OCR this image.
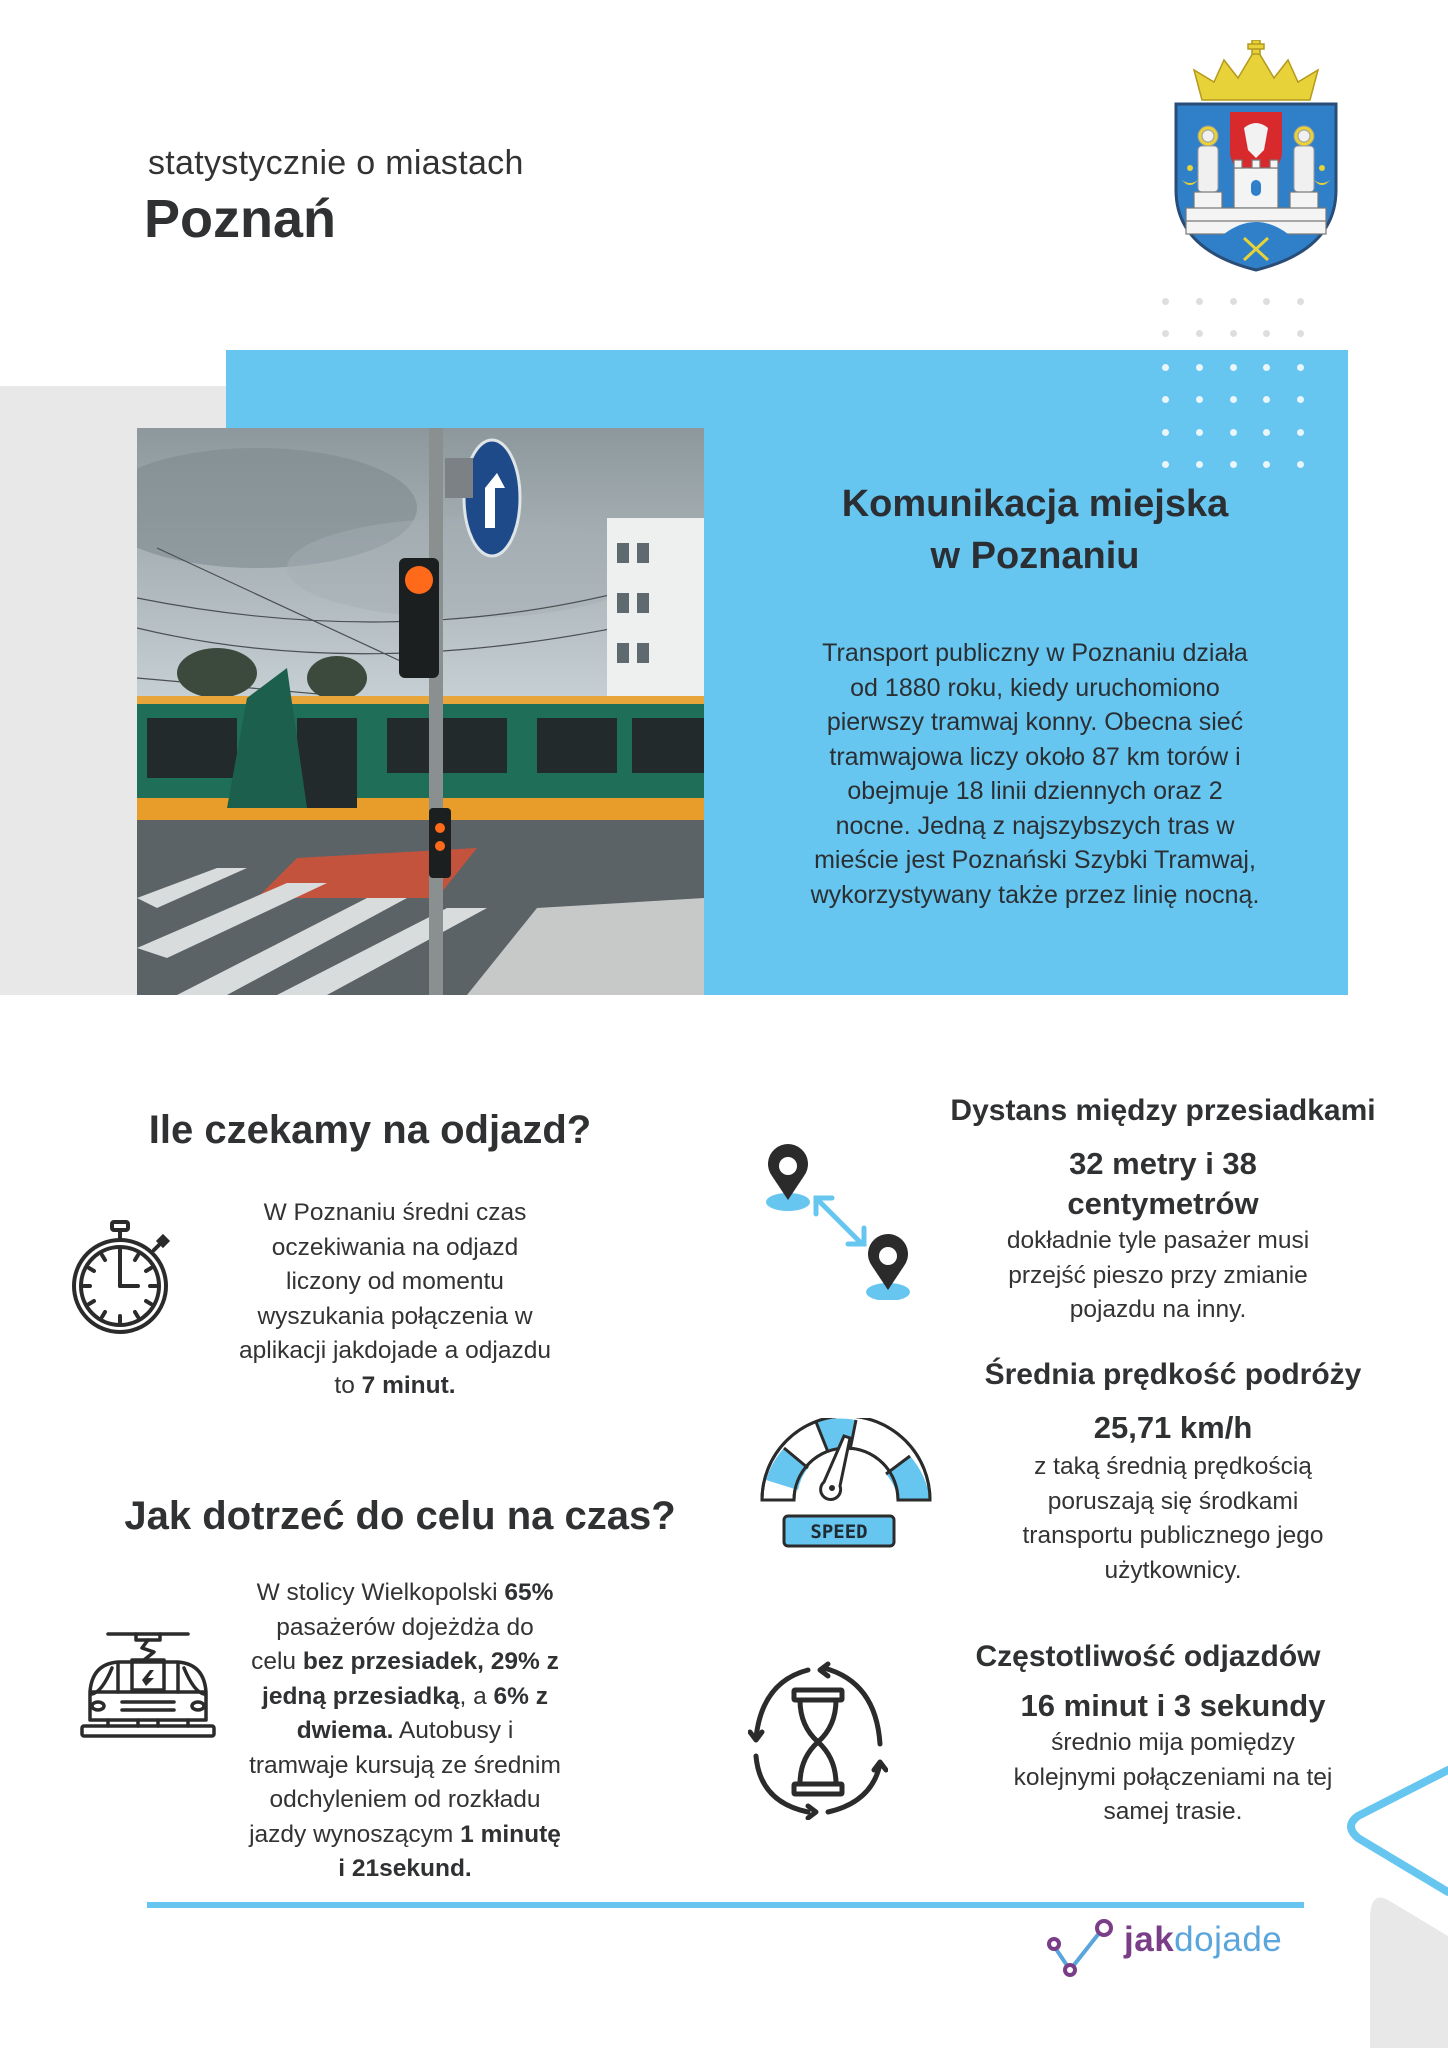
statystycznie o miastach
Poznań
Komunikacja miejska
w Poznaniu
Transport publiczny w Poznaniu działa
od 1880 roku, kiedy uruchomiono
pierwszy tramwaj konny. Obecna sieć
tramwajowa liczy około 87 km torów i
obejmuje 18 linii dziennych oraz 2
nocne. Jedną z najszybszych tras w
mieście jest Poznański Szybki Tramwaj,
wykorzystywany także przez linię nocną.
Ile czekamy na odjazd?
W Poznaniu średni czas
oczekiwania na odjazd
liczony od momentu
wyszukania połączenia w
aplikacji jakdojade a odjazdu
to 7 minut.
Jak dotrzeć do celu na czas?
W stolicy Wielkopolski 65%
pasażerów dojeżdża do
celu bez przesiadek, 29% z
jedną przesiadką, a 6% z
dwiema. Autobusy i
tramwaje kursują ze średnim
odchyleniem od rozkładu
jazdy wynoszącym 1 minutę
i 21sekund.
Dystans między przesiadkami
32 metry i 38
centymetrów
dokładnie tyle pasażer musi
przejść pieszo przy zmianie
pojazdu na inny.
SPEED
Średnia prędkość podróży
25,71 km/h
z taką średnią prędkością
poruszają się środkami
transportu publicznego jego
użytkownicy.
Częstotliwość odjazdów
16 minut i 3 sekundy
średnio mija pomiędzy
kolejnymi połączeniami na tej
samej trasie.
jakdojade
